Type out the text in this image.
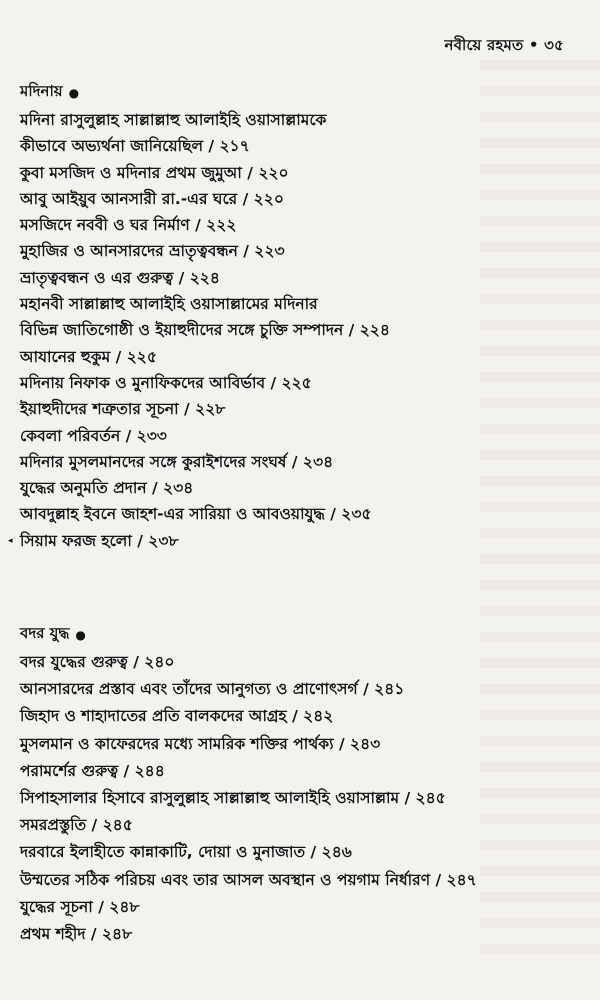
নবীয়ে রহমত • ৩৫
মদিনায় ●
মদিনা রাসুলুল্লাহ সাল্লাল্লাহু আলাইহি ওয়াসাল্লামকে
কীভাবে অভ্যর্থনা জানিয়েছিল / ২১৭
কুবা মসজিদ ও মদিনার প্রথম জুমুআ / ২২০
আবু আইয়ুব আনসারী রা.-এর ঘরে / ২২০
মসজিদে নববী ও ঘর নির্মাণ / ২২২
মুহাজির ও আনসারদের ভ্রাতৃত্ববন্ধন / ২২৩
ভ্রাতৃত্ববন্ধন ও এর গুরুত্ব / ২২৪
মহানবী সাল্লাল্লাহু আলাইহি ওয়াসাল্লামের মদিনার
বিভিন্ন জাতিগোষ্ঠী ও ইয়াহুদীদের সঙ্গে চুক্তি সম্পাদন / ২২৪
আযানের হুকুম / ২২৫
মদিনায় নিফাক ও মুনাফিকদের আবির্ভাব / ২২৫
ইয়াহুদীদের শত্রুতার সূচনা / ২২৮
কেবলা পরিবর্তন / ২৩৩
মদিনার মুসলমানদের সঙ্গে কুরাইশদের সংঘর্ষ / ২৩৪
যুদ্ধের অনুমতি প্রদান / ২৩৪
আবদুল্লাহ ইবনে জাহশ-এর সারিয়া ও আবওয়াযুদ্ধ / ২৩৫
◂ সিয়াম ফরজ হলো / ২৩৮
বদর যুদ্ধ ●
বদর যুদ্ধের গুরুত্ব / ২৪০
আনসারদের প্রস্তাব এবং তাঁদের আনুগত্য ও প্রাণোৎসর্গ / ২৪১
জিহাদ ও শাহাদাতের প্রতি বালকদের আগ্রহ / ২৪২
মুসলমান ও কাফেরদের মধ্যে সামরিক শক্তির পার্থক্য / ২৪৩
পরামর্শের গুরুত্ব / ২৪৪
সিপাহসালার হিসাবে রাসুলুল্লাহ সাল্লাল্লাহু আলাইহি ওয়াসাল্লাম / ২৪৫
সমরপ্রস্তুতি / ২৪৫
দরবারে ইলাহীতে কান্নাকাটি, দোয়া ও মুনাজাত / ২৪৬
উম্মতের সঠিক পরিচয় এবং তার আসল অবস্থান ও পয়গাম নির্ধারণ / ২৪৭
যুদ্ধের সূচনা / ২৪৮
প্রথম শহীদ / ২৪৮
